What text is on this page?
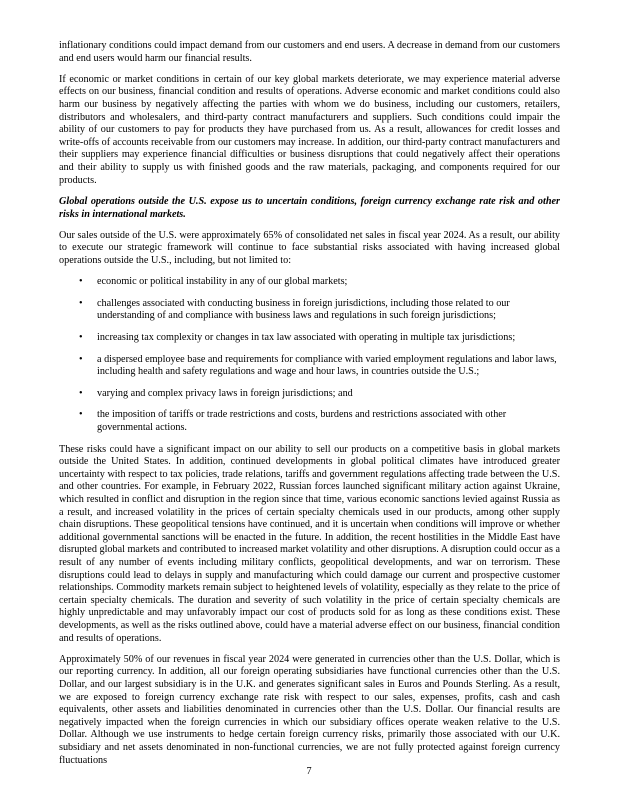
inflationary conditions could impact demand from our customers and end users. A decrease in demand from our customers and end users would harm our financial results.

If economic or market conditions in certain of our key global markets deteriorate, we may experience material adverse effects on our business, financial condition and results of operations. Adverse economic and market conditions could also harm our business by negatively affecting the parties with whom we do business, including our customers, retailers, distributors and wholesalers, and third-party contract manufacturers and suppliers. Such conditions could impair the ability of our customers to pay for products they have purchased from us. As a result, allowances for credit losses and write-offs of accounts receivable from our customers may increase. In addition, our third-party contract manufacturers and their suppliers may experience financial difficulties or business disruptions that could negatively affect their operations and their ability to supply us with finished goods and the raw materials, packaging, and components required for our products.

Global operations outside the U.S. expose us to uncertain conditions, foreign currency exchange rate risk and other risks in international markets.

Our sales outside of the U.S. were approximately 65% of consolidated net sales in fiscal year 2024. As a result, our ability to execute our strategic framework will continue to face substantial risks associated with having increased global operations outside the U.S., including, but not limited to:

•	economic or political instability in any of our global markets;
•	challenges associated with conducting business in foreign jurisdictions, including those related to our understanding of and compliance with business laws and regulations in such foreign jurisdictions;
•	increasing tax complexity or changes in tax law associated with operating in multiple tax jurisdictions;
•	a dispersed employee base and requirements for compliance with varied employment regulations and labor laws, including health and safety regulations and wage and hour laws, in countries outside the U.S.;
•	varying and complex privacy laws in foreign jurisdictions; and
•	the imposition of tariffs or trade restrictions and costs, burdens and restrictions associated with other governmental actions.

These risks could have a significant impact on our ability to sell our products on a competitive basis in global markets outside the United States. In addition, continued developments in global political climates have introduced greater uncertainty with respect to tax policies, trade relations, tariffs and government regulations affecting trade between the U.S. and other countries. For example, in February 2022, Russian forces launched significant military action against Ukraine, which resulted in conflict and disruption in the region since that time, various economic sanctions levied against Russia as a result, and increased volatility in the prices of certain specialty chemicals used in our products, among other supply chain disruptions. These geopolitical tensions have continued, and it is uncertain when conditions will improve or whether additional governmental sanctions will be enacted in the future. In addition, the recent hostilities in the Middle East have disrupted global markets and contributed to increased market volatility and other disruptions. A disruption could occur as a result of any number of events including military conflicts, geopolitical developments, and war on terrorism. These disruptions could lead to delays in supply and manufacturing which could damage our current and prospective customer relationships. Commodity markets remain subject to heightened levels of volatility, especially as they relate to the price of certain specialty chemicals. The duration and severity of such volatility in the price of certain specialty chemicals are highly unpredictable and may unfavorably impact our cost of products sold for as long as these conditions exist. These developments, as well as the risks outlined above, could have a material adverse effect on our business, financial condition and results of operations.

Approximately 50% of our revenues in fiscal year 2024 were generated in currencies other than the U.S. Dollar, which is our reporting currency. In addition, all our foreign operating subsidiaries have functional currencies other than the U.S. Dollar, and our largest subsidiary is in the U.K. and generates significant sales in Euros and Pounds Sterling. As a result, we are exposed to foreign currency exchange rate risk with respect to our sales, expenses, profits, cash and cash equivalents, other assets and liabilities denominated in currencies other than the U.S. Dollar. Our financial results are negatively impacted when the foreign currencies in which our subsidiary offices operate weaken relative to the U.S. Dollar. Although we use instruments to hedge certain foreign currency risks, primarily those associated with our U.K. subsidiary and net assets denominated in non-functional currencies, we are not fully protected against foreign currency fluctuations

7
